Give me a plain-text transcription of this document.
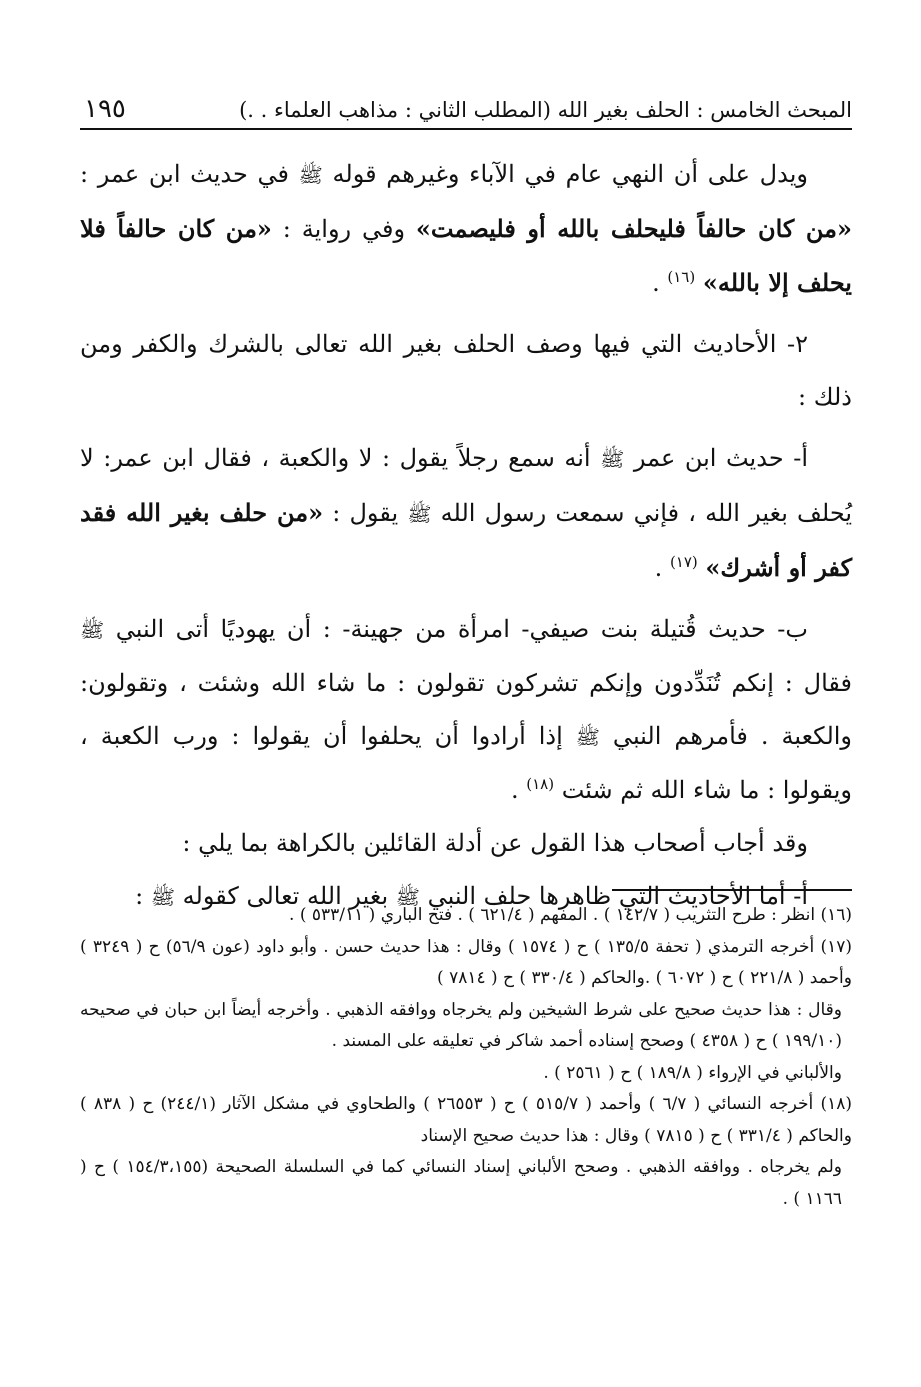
المبحث الخامس : الحلف بغير الله (المطلب الثاني : مذاهب العلماء . .)
١٩٥

ويدل على أن النهي عام في الآباء وغيرهم قوله ﷺ في حديث ابن عمر : «من كان حالفاً فليحلف بالله أو فليصمت» وفي رواية : «من كان حالفاً فلا يحلف إلا بالله» $^{(١٦)}$ .

٢- الأحاديث التي فيها وصف الحلف بغير الله تعالى بالشرك والكفر ومن ذلك :

أ- حديث ابن عمر ﷺ أنه سمع رجلاً يقول : لا والكعبة ، فقال ابن عمر: لا يُحلف بغير الله ، فإني سمعت رسول الله ﷺ يقول : «من حلف بغير الله فقد كفر أو أشرك» $^{(١٧)}$ .

ب- حديث قُتيلة بنت صيفي- امرأة من جهينة- : أن يهوديًا أتى النبي ﷺ فقال : إنكم تُنَدِّدون وإنكم تشركون تقولون : ما شاء الله وشئت ، وتقولون: والكعبة . فأمرهم النبي ﷺ إذا أرادوا أن يحلفوا أن يقولوا : ورب الكعبة ، ويقولوا : ما شاء الله ثم شئت $^{(١٨)}$ .

وقد أجاب أصحاب هذا القول عن أدلة القائلين بالكراهة بما يلي :

أ- أما الأحاديث التي ظاهرها حلف النبي ﷺ بغير الله تعالى كقوله ﷺ :

(١٦) انظر : طرح التثريب ( ١٤٢/٧ ) . المفهم ( ٦٢١/٤ ) . فتح الباري ( ٥٣٣/١١ ) .

(١٧) أخرجه الترمذي ( تحفة ١٣٥/٥ ) ح ( ١٥٧٤ ) وقال : هذا حديث حسن . وأبو داود (عون ٥٦/٩) ح ( ٣٢٤٩ ) وأحمد ( ٢٢١/٨ ) ح ( ٦٠٧٢ ) .والحاكم ( ٣٣٠/٤ ) ح ( ٧٨١٤ )

وقال : هذا حديث صحيح على شرط الشيخين ولم يخرجاه ووافقه الذهبي . وأخرجه أيضاً ابن حبان في صحيحه (١٩٩/١٠ ) ح ( ٤٣٥٨ ) وصحح إسناده أحمد شاكر في تعليقه على المسند .

والألباني في الإرواء ( ١٨٩/٨ ) ح ( ٢٥٦١ ) .

(١٨) أخرجه النسائي ( ٦/٧ ) وأحمد ( ٥١٥/٧ ) ح ( ٢٦٥٥٣ ) والطحاوي في مشكل الآثار (٢٤٤/١) ح ( ٨٣٨ ) والحاكم ( ٣٣١/٤ ) ح ( ٧٨١٥ ) وقال : هذا حديث صحيح الإسناد

ولم يخرجاه . ووافقه الذهبي . وصحح الألباني إسناد النسائي كما في السلسلة الصحيحة (١٥٤/٣،١٥٥ ) ح ( ١١٦٦ ) .
